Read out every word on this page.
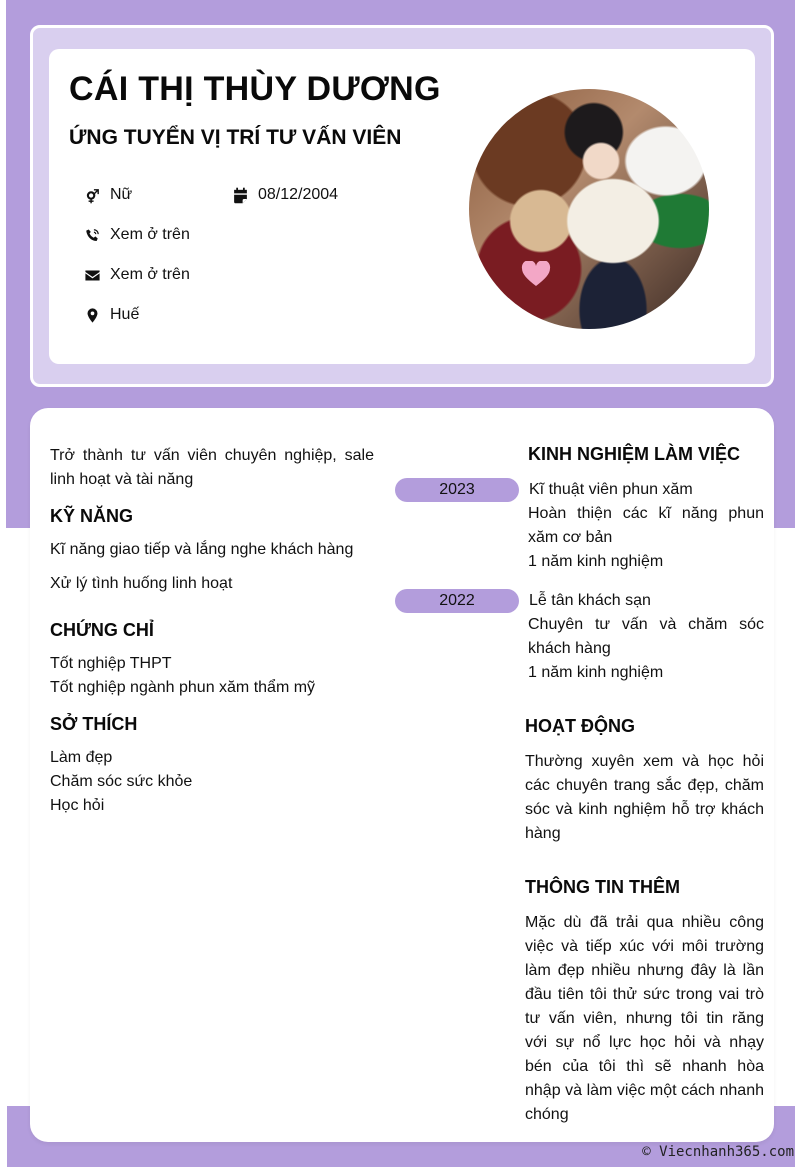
CÁI THỊ THÙY DƯƠNG
ỨNG TUYỂN VỊ TRÍ TƯ VẤN VIÊN
Nữ	08/12/2004
Xem ở trên
Xem ở trên
Huế

Trở thành tư vấn viên chuyên nghiệp, sale linh hoạt và tài năng

KỸ NĂNG

Kĩ năng giao tiếp và lắng nghe khách hàng

Xử lý tình huống linh hoạt

CHỨNG CHỈ

Tốt nghiệp THPT

Tốt nghiệp ngành phun xăm thẩm mỹ

SỞ THÍCH

Làm đẹp

Chăm sóc sức khỏe

Học hỏi

KINH NGHIỆM LÀM VIỆC
2023	Kĩ thuật viên phun xăm

Hoàn thiện các kĩ năng phun xăm cơ bản

1 năm kinh nghiệm

2022	Lễ tân khách sạn

Chuyên tư vấn và chăm sóc khách hàng

1 năm kinh nghiệm

HOẠT ĐỘNG

Thường xuyên xem và học hỏi các chuyên trang sắc đẹp, chăm sóc và kinh nghiệm hỗ trợ khách hàng

THÔNG TIN THÊM

Mặc dù đã trải qua nhiều công việc và tiếp xúc với môi trường làm đẹp nhiều nhưng đây là lần đầu tiên tôi thử sức trong vai trò tư vấn viên, nhưng tôi tin răng với sự nổ lực học hỏi và nhạy bén của tôi thì sẽ nhanh hòa nhập và làm việc một cách nhanh chóng

© Viecnhanh365.com
